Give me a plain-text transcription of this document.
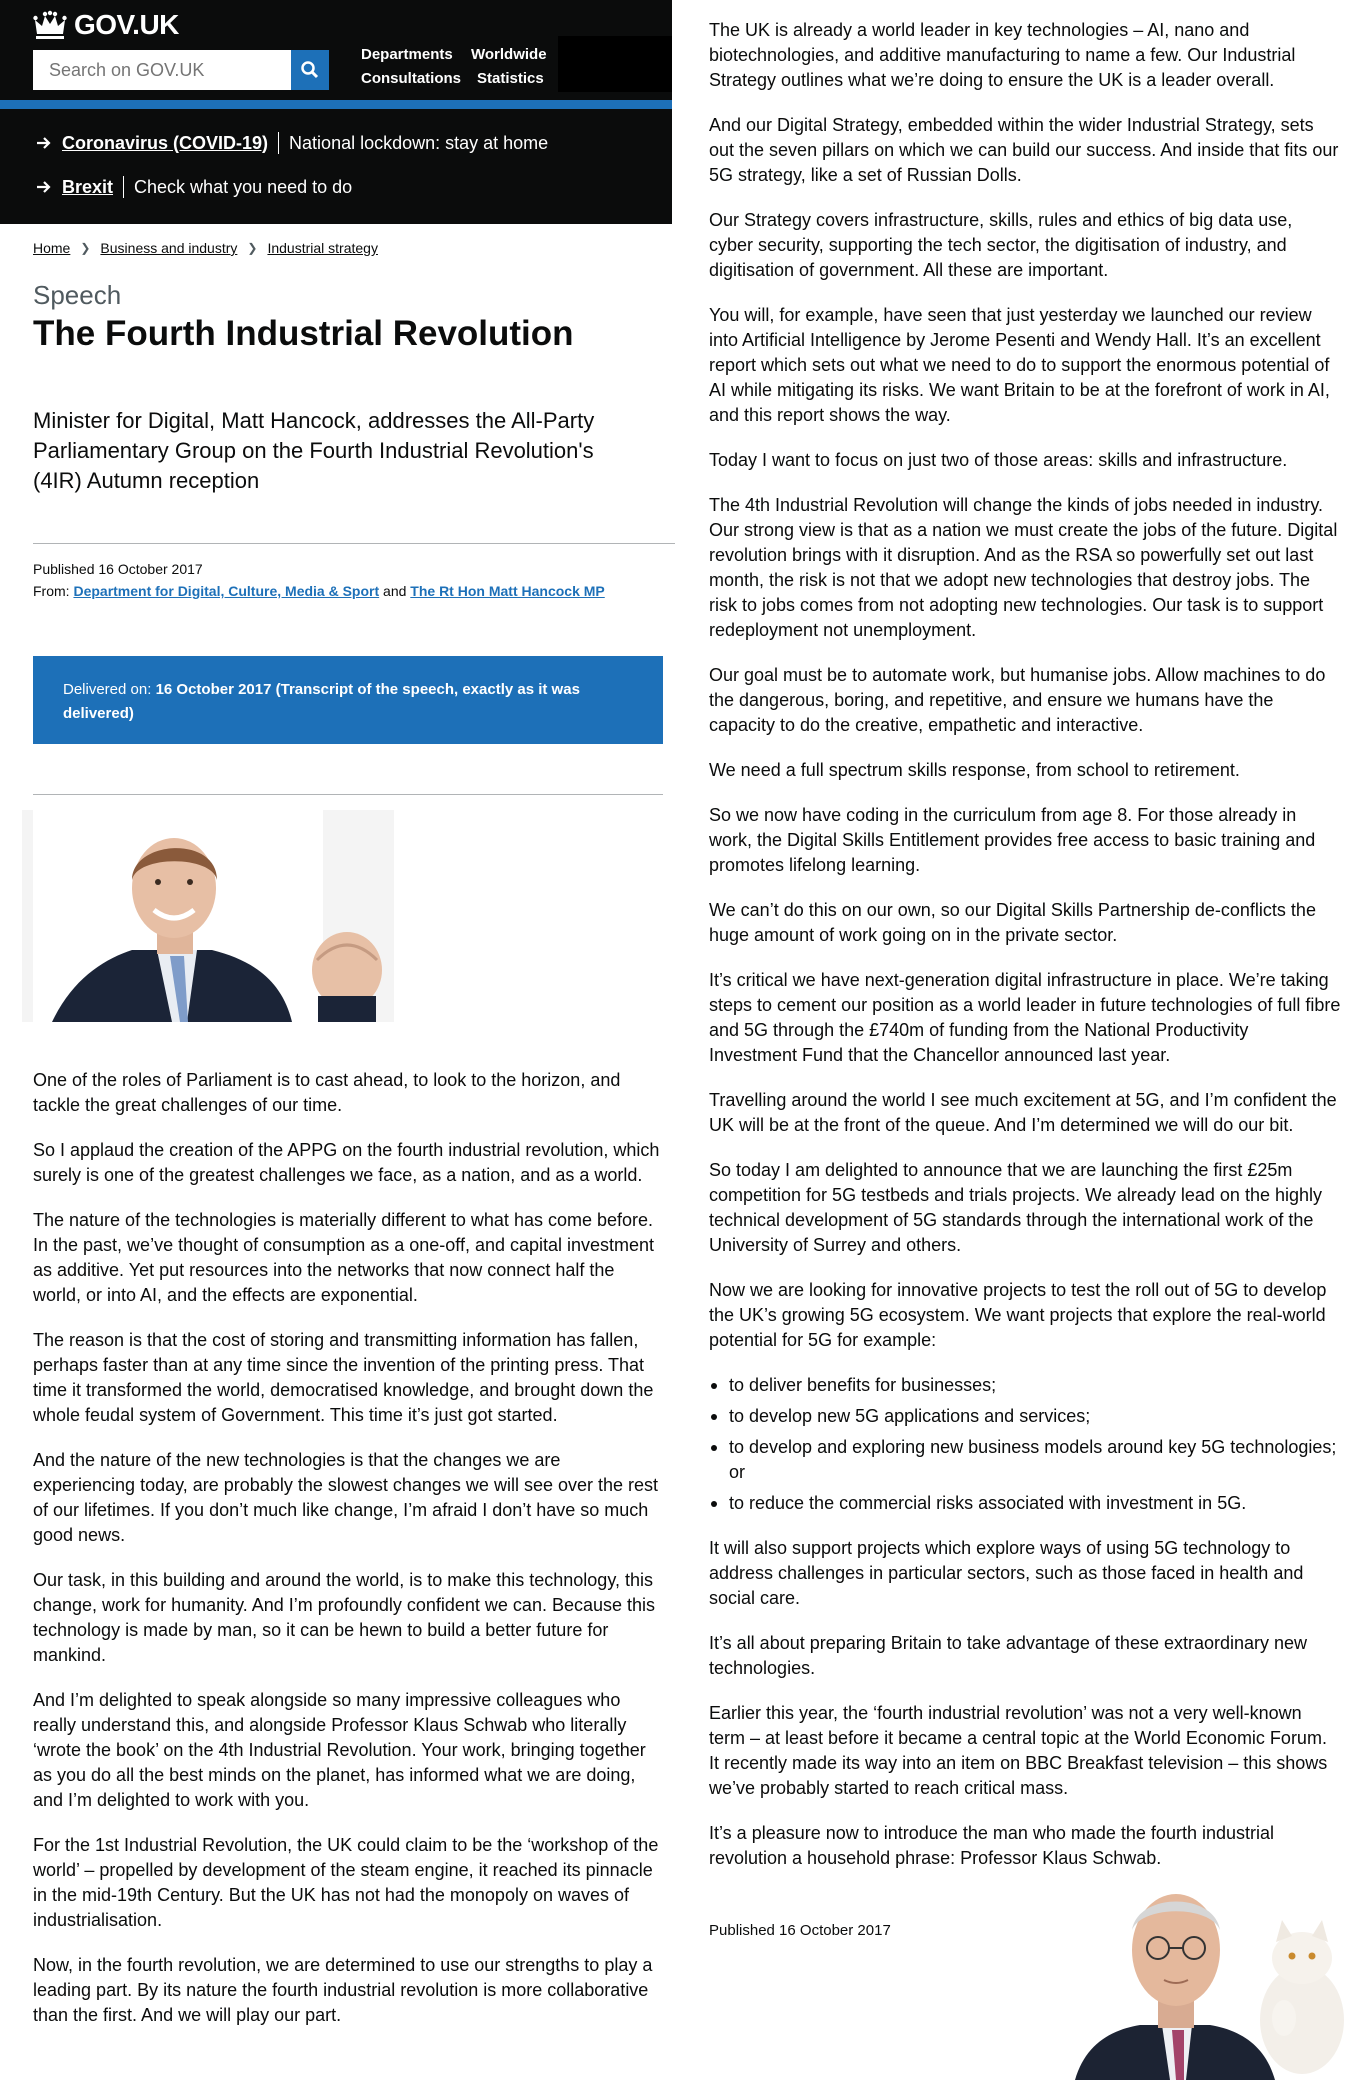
GOV.UK
Search on GOV.UK
Departments Worldwide
Consultations Statistics
Coronavirus (COVID-19) National lockdown: stay at home
Brexit Check what you need to do
Home ❯ Business and industry ❯ Industrial strategy
Speech
The Fourth Industrial Revolution

Minister for Digital, Matt Hancock, addresses the All-Party Parliamentary Group on the Fourth Industrial Revolution's (4IR) Autumn reception

Published 16 October 2017
From: Department for Digital, Culture, Media & Sport and The Rt Hon Matt Hancock MP
Delivered on: 16 October 2017 (Transcript of the speech, exactly as it was delivered)

One of the roles of Parliament is to cast ahead, to look to the horizon, and tackle the great challenges of our time.

So I applaud the creation of the APPG on the fourth industrial revolution, which surely is one of the greatest challenges we face, as a nation, and as a world.

The nature of the technologies is materially different to what has come before. In the past, we’ve thought of consumption as a one-off, and capital investment as additive. Yet put resources into the networks that now connect half the world, or into AI, and the effects are exponential.

The reason is that the cost of storing and transmitting information has fallen, perhaps faster than at any time since the invention of the printing press. That time it transformed the world, democratised knowledge, and brought down the whole feudal system of Government. This time it’s just got started.

And the nature of the new technologies is that the changes we are experiencing today, are probably the slowest changes we will see over the rest of our lifetimes. If you don’t much like change, I’m afraid I don’t have so much good news.

Our task, in this building and around the world, is to make this technology, this change, work for humanity. And I’m profoundly confident we can. Because this technology is made by man, so it can be hewn to build a better future for mankind.

And I’m delighted to speak alongside so many impressive colleagues who really understand this, and alongside Professor Klaus Schwab who literally ‘wrote the book’ on the 4th Industrial Revolution. Your work, bringing together as you do all the best minds on the planet, has informed what we are doing, and I’m delighted to work with you.

For the 1st Industrial Revolution, the UK could claim to be the ‘workshop of the world’ – propelled by development of the steam engine, it reached its pinnacle in the mid-19th Century. But the UK has not had the monopoly on waves of industrialisation.

Now, in the fourth revolution, we are determined to use our strengths to play a leading part. By its nature the fourth industrial revolution is more collaborative than the first. And we will play our part.

The UK is already a world leader in key technologies – AI, nano and biotechnologies, and additive manufacturing to name a few. Our Industrial Strategy outlines what we’re doing to ensure the UK is a leader overall.

And our Digital Strategy, embedded within the wider Industrial Strategy, sets out the seven pillars on which we can build our success. And inside that fits our 5G strategy, like a set of Russian Dolls.

Our Strategy covers infrastructure, skills, rules and ethics of big data use, cyber security, supporting the tech sector, the digitisation of industry, and digitisation of government. All these are important.

You will, for example, have seen that just yesterday we launched our review into Artificial Intelligence by Jerome Pesenti and Wendy Hall. It’s an excellent report which sets out what we need to do to support the enormous potential of AI while mitigating its risks. We want Britain to be at the forefront of work in AI, and this report shows the way.

Today I want to focus on just two of those areas: skills and infrastructure.

The 4th Industrial Revolution will change the kinds of jobs needed in industry. Our strong view is that as a nation we must create the jobs of the future. Digital revolution brings with it disruption. And as the RSA so powerfully set out last month, the risk is not that we adopt new technologies that destroy jobs. The risk to jobs comes from not adopting new technologies. Our task is to support redeployment not unemployment.

Our goal must be to automate work, but humanise jobs. Allow machines to do the dangerous, boring, and repetitive, and ensure we humans have the capacity to do the creative, empathetic and interactive.

We need a full spectrum skills response, from school to retirement.

So we now have coding in the curriculum from age 8. For those already in work, the Digital Skills Entitlement provides free access to basic training and promotes lifelong learning.

We can’t do this on our own, so our Digital Skills Partnership de-conflicts the huge amount of work going on in the private sector.

It’s critical we have next-generation digital infrastructure in place. We’re taking steps to cement our position as a world leader in future technologies of full fibre and 5G through the £740m of funding from the National Productivity Investment Fund that the Chancellor announced last year.

Travelling around the world I see much excitement at 5G, and I’m confident the UK will be at the front of the queue. And I’m determined we will do our bit.

So today I am delighted to announce that we are launching the first £25m competition for 5G testbeds and trials projects. We already lead on the highly technical development of 5G standards through the international work of the University of Surrey and others.

Now we are looking for innovative projects to test the roll out of 5G to develop the UK’s growing 5G ecosystem. We want projects that explore the real-world potential for 5G for example:

to deliver benefits for businesses;
to develop new 5G applications and services;
to develop and exploring new business models around key 5G technologies; or
to reduce the commercial risks associated with investment in 5G.

It will also support projects which explore ways of using 5G technology to address challenges in particular sectors, such as those faced in health and social care.

It’s all about preparing Britain to take advantage of these extraordinary new technologies.

Earlier this year, the ‘fourth industrial revolution’ was not a very well-known term – at least before it became a central topic at the World Economic Forum. It recently made its way into an item on BBC Breakfast television – this shows we’ve probably started to reach critical mass.

It’s a pleasure now to introduce the man who made the fourth industrial revolution a household phrase: Professor Klaus Schwab.

Published 16 October 2017
